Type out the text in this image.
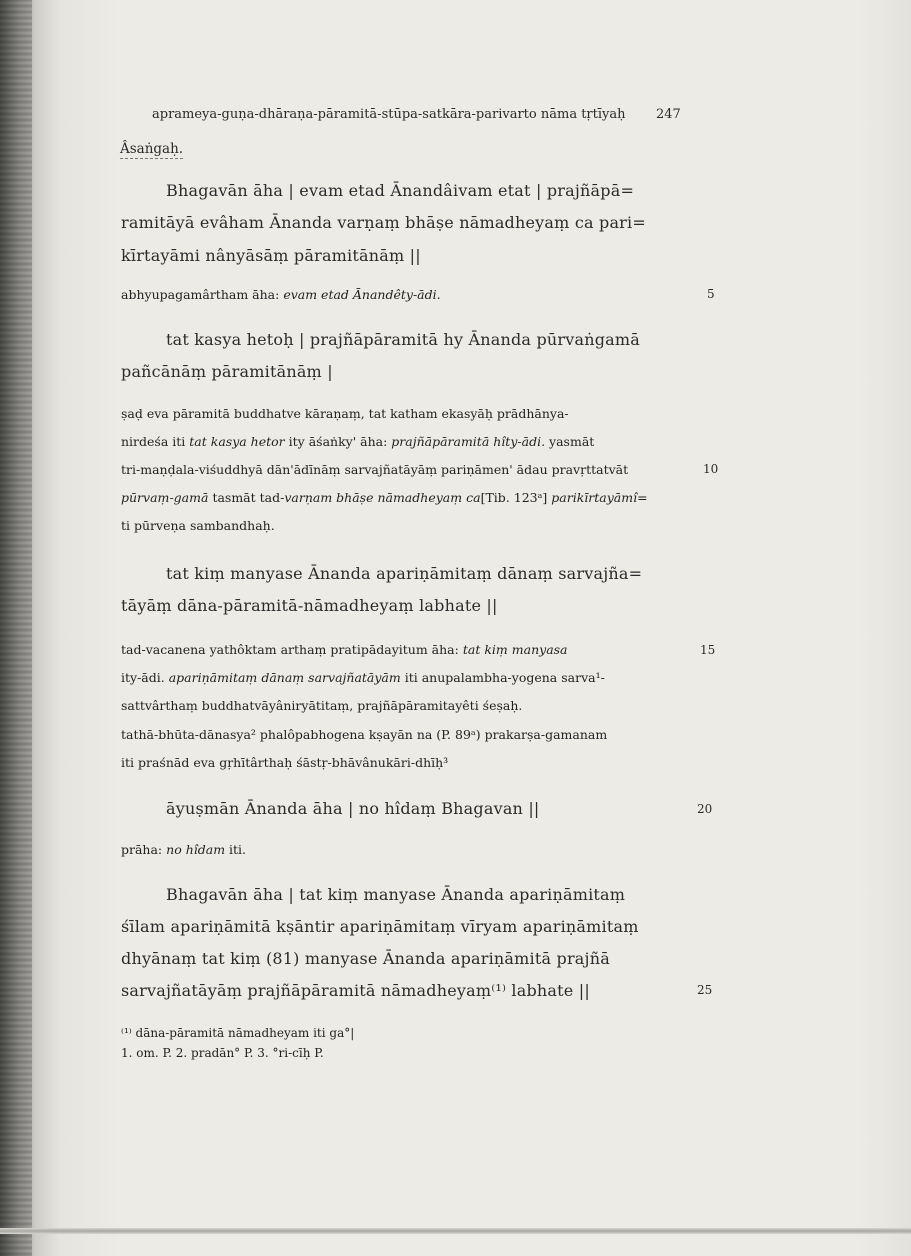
aprameya-guṇa-dhāraṇa-pāramitā-stūpa-satkāra-parivarto nāma tṛtīyaḥ 247
Âsaṅgaḥ.
Bhagavān āha | evam etad Ānandâivam etat | prajñāpā=
ramitāyā evâham Ānanda varṇaṃ bhāṣe nāmadheyaṃ ca pari=
kīrtayāmi nânyāsāṃ pāramitānāṃ ||
abhyupagamârtham āha: evam etad Ānandêty-ādi.	5
tat kasya hetoḥ | prajñāpāramitā hy Ānanda pūrvaṅgamā
pañcānāṃ pāramitānāṃ |
ṣaḍ eva pāramitā buddhatve kāraṇaṃ, tat katham ekasyāḥ prādhānya-
nirdeśa iti tat kasya hetor ity āśaṅky' āha: prajñāpāramitā hîty-ādi. yasmāt
tri-maṇḍala-viśuddhyā dān'ādīnāṃ sarvajñatāyāṃ pariṇāmen' ādau pravṛttatvāt	10
pūrvaṃ-gamā tasmāt tad-varṇam bhāṣe nāmadheyaṃ ca[Tib. 123ᵃ] parikīrtayāmî=
ti pūrveṇa sambandhaḥ.
tat kiṃ manyase Ānanda apariṇāmitaṃ dānaṃ sarvajña=
tāyāṃ dāna-pāramitā-nāmadheyaṃ labhate ||
tad-vacanena yathôktam arthaṃ pratipādayitum āha: tat kiṃ manyasa	15
ity-ādi. apariṇāmitaṃ dānaṃ sarvajñatāyām iti anupalambha-yogena sarva¹-
sattvârthaṃ buddhatvāyâniryātitaṃ, prajñāpāramitayêti śeṣaḥ.
tathā-bhūta-dānasya² phalôpabhogena kṣayān na (P. 89ᵃ) prakarṣa-gamanam
iti praśnād eva gṛhītârthaḥ śāstṛ-bhāvânukāri-dhīḥ³
āyuṣmān Ānanda āha | no hîdaṃ Bhagavan ||	20
prāha: no hîdam iti.
Bhagavān āha | tat kiṃ manyase Ānanda apariṇāmitaṃ
śīlam apariṇāmitā kṣāntir apariṇāmitaṃ vīryam apariṇāmitaṃ
dhyānaṃ tat kiṃ (81) manyase Ānanda apariṇāmitā prajñā
sarvajñatāyāṃ prajñāpāramitā nāmadheyaṃ⁽¹⁾ labhate ||	25
⁽¹⁾ dāna-pāramitā nāmadheyam iti ga°|
1. om. P. 2. pradān° P. 3. °ri-cīḥ P.
